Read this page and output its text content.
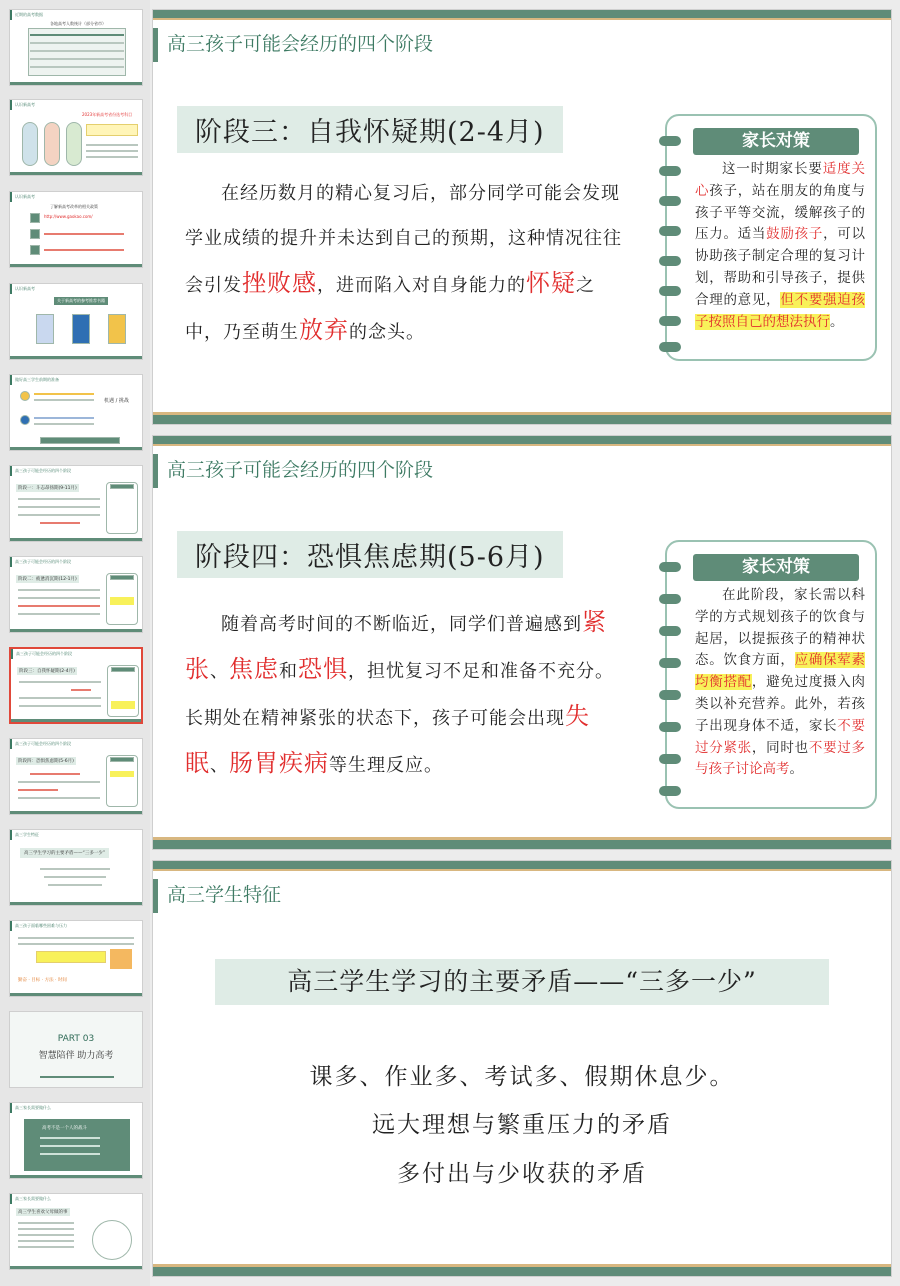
近期的高考数据
各地高考人数统计（部分省市）
认识新高考
2023年新高考省份选考科目
认识新高考
了解新高考改革的相关政策
http://www.gaokao.com/
认识新高考
关于新高考的参考推荐书籍
做好高三学生前期的准备
机遇 / 挑战
高三孩子可能会经历的四个阶段
阶段一：斗志昂扬期(9-11月)
高三孩子可能会经历的四个阶段
阶段二：疲惫消沉期(12-1月)
高三孩子可能会经历的四个阶段
阶段三：自我怀疑期(2-4月)
高三孩子可能会经历的四个阶段
阶段四：恐惧焦虑期(5-6月)
高三学生特征
高三学生学习的主要矛盾——“三多一少”
高三孩子面临哪些困难与压力
勤奋 · 目标 · 方法 · 时间
PART 03
智慧陪伴 助力高考
高三家长需要做什么
高考不是一个人的战斗
高三家长需要做什么
高三学生喜欢父母做的事
高三孩子可能会经历的四个阶段
阶段三：自我怀疑期(2-4月)
在经历数月的精心复习后，部分同学可能会发现学业成绩的提升并未达到自己的预期，这种情况往往会引发挫败感，进而陷入对自身能力的怀疑之中，乃至萌生放弃的念头。
家长对策
这一时期家长要适度关心孩子，站在朋友的角度与孩子平等交流，缓解孩子的压力。适当鼓励孩子，可以协助孩子制定合理的复习计划，帮助和引导孩子，提供合理的意见，但不要强迫孩子按照自己的想法执行。
高三孩子可能会经历的四个阶段
阶段四：恐惧焦虑期(5-6月)
随着高考时间的不断临近，同学们普遍感到紧张、焦虑和恐惧，担忧复习不足和准备不充分。长期处在精神紧张的状态下，孩子可能会出现失眠、肠胃疾病等生理反应。
家长对策
在此阶段，家长需以科学的方式规划孩子的饮食与起居，以提振孩子的精神状态。饮食方面，应确保荤素均衡搭配，避免过度摄入肉类以补充营养。此外，若孩子出现身体不适，家长不要过分紧张，同时也不要过多与孩子讨论高考。
高三学生特征
高三学生学习的主要矛盾——“三多一少”
课多、作业多、考试多、假期休息少。
远大理想与繁重压力的矛盾
多付出与少收获的矛盾
